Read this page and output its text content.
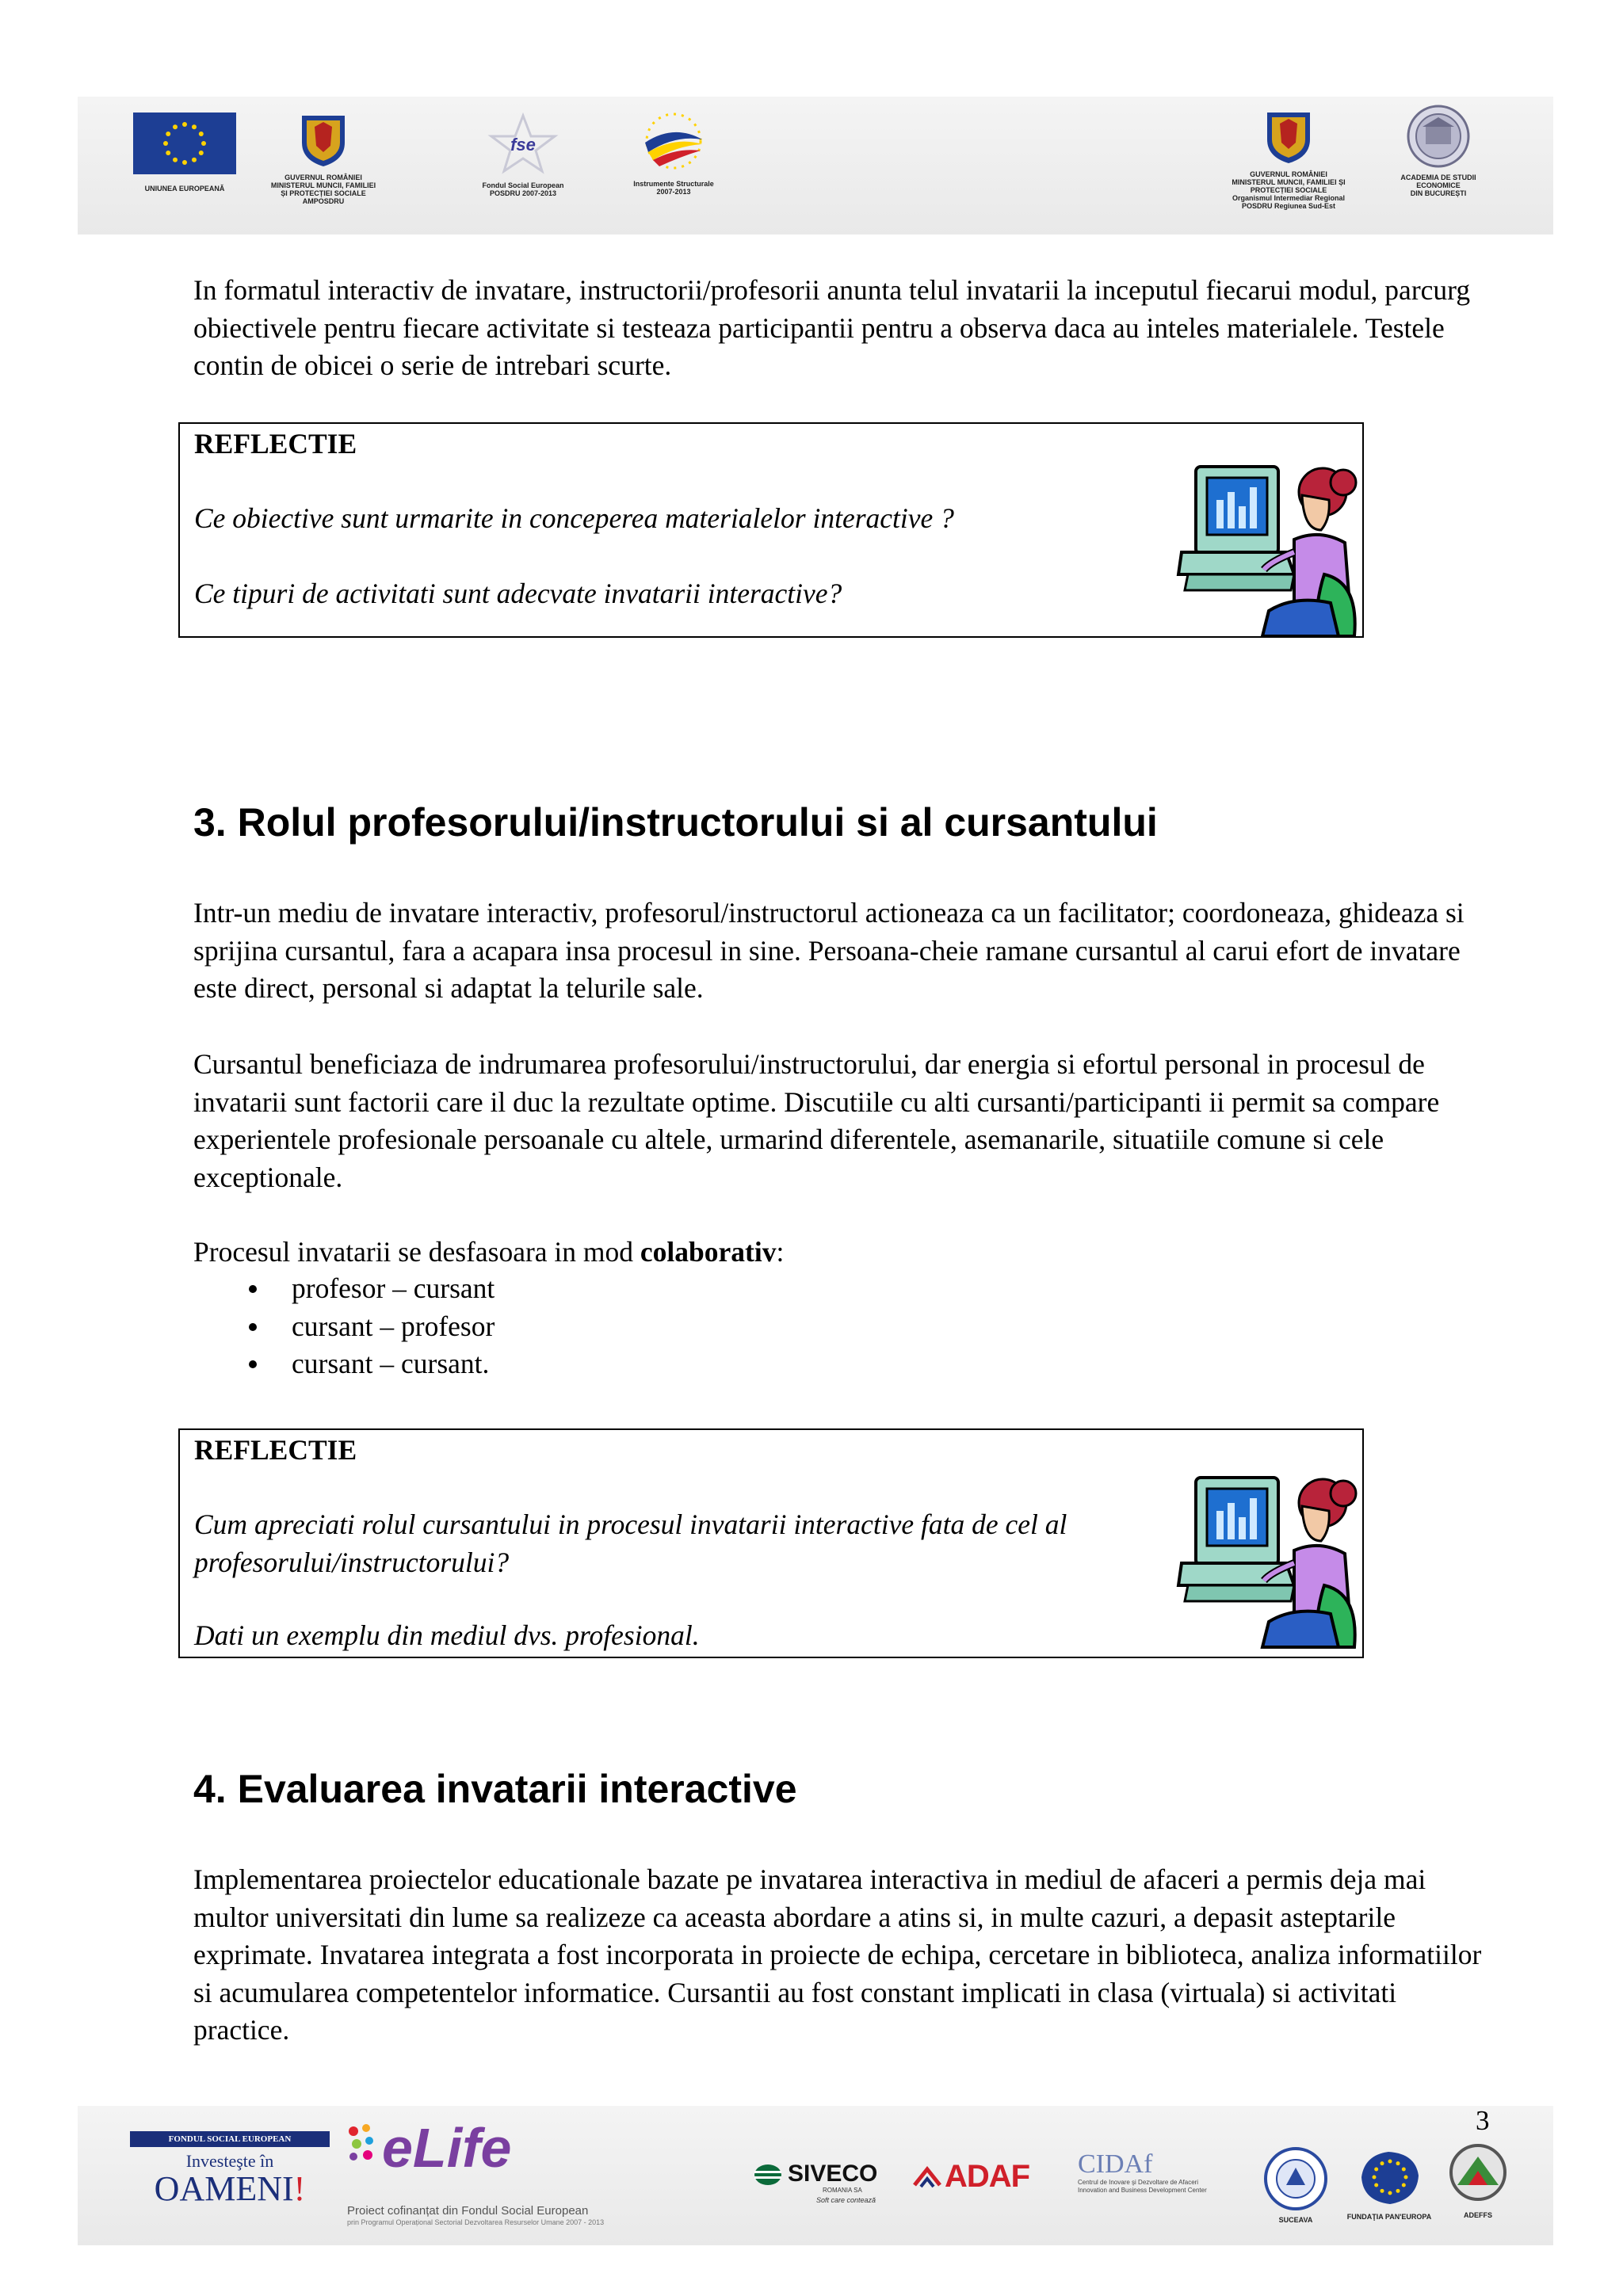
UNIUNEA EUROPEANĂ
GUVERNUL ROMÂNIEI
MINISTERUL MUNCII, FAMILIEI
ȘI PROTECȚIEI SOCIALE
AMPOSDRU
fse
Fondul Social European
POSDRU 2007-2013
Instrumente Structurale
2007-2013
GUVERNUL ROMÂNIEI
MINISTERUL MUNCII, FAMILIEI ȘI
PROTECȚIEI SOCIALE
Organismul Intermediar Regional
POSDRU Regiunea Sud-Est
ACADEMIA DE STUDII
ECONOMICE
DIN BUCUREȘTI

In formatul interactiv de invatare, instructorii/profesorii anunta telul invatarii la inceputul fiecarui modul, parcurg obiectivele pentru fiecare activitate si testeaza participantii pentru a observa daca au inteles materialele. Testele contin de obicei o serie de intrebari scurte.

REFLECTIE
Ce obiective sunt urmarite in conceperea materialelor interactive ?
Ce tipuri de activitati sunt adecvate invatarii interactive?
3. Rolul profesorului/instructorului si al cursantului

Intr-un mediu de invatare interactiv, profesorul/instructorul actioneaza ca un facilitator; coordoneaza, ghideaza si sprijina cursantul, fara a acapara insa procesul in sine. Persoana-cheie ramane cursantul al carui efort de invatare este direct, personal si adaptat la telurile sale.

Cursantul beneficiaza de indrumarea profesorului/instructorului, dar energia si efortul personal in procesul de invatarii sunt factorii care il duc la rezultate optime. Discutiile cu alti cursanti/participanti ii permit sa compare experientele profesionale persoanale cu altele, urmarind diferentele, asemanarile, situatiile comune si cele exceptionale.

Procesul invatarii se desfasoara in mod colaborativ:

profesor – cursant
cursant – profesor
cursant – cursant.
REFLECTIE
Cum apreciati rolul cursantului in procesul invatarii interactive fata de cel al profesorului/instructorului?
Dati un exemplu din mediul dvs. profesional.
4. Evaluarea invatarii interactive

Implementarea proiectelor educationale bazate pe invatarea interactiva in mediul de afaceri a permis deja mai multor universitati din lume sa realizeze ca aceasta abordare a atins si, in multe cazuri, a depasit asteptarile exprimate. Invatarea integrata a fost incorporata in proiecte de echipa, cercetare in biblioteca, analiza informatiilor si acumularea competentelor informatice. Cursantii au fost constant implicati in clasa (virtuala) si activitati practice.

FONDUL SOCIAL EUROPEAN
Investeşte în
OAMENI!
eLife
Proiect cofinanțat din Fondul Social European
prin Programul Operațional Sectorial Dezvoltarea Resurselor Umane 2007 - 2013
SIVECO
ROMANIA SA
Soft care contează
ADAF CIDAf
Centrul de Inovare şi Dezvoltare de Afaceri
Innovation and Business Development Center
SUCEAVA	FUNDAŢIA PAN'EUROPA	ADEFFS
3
